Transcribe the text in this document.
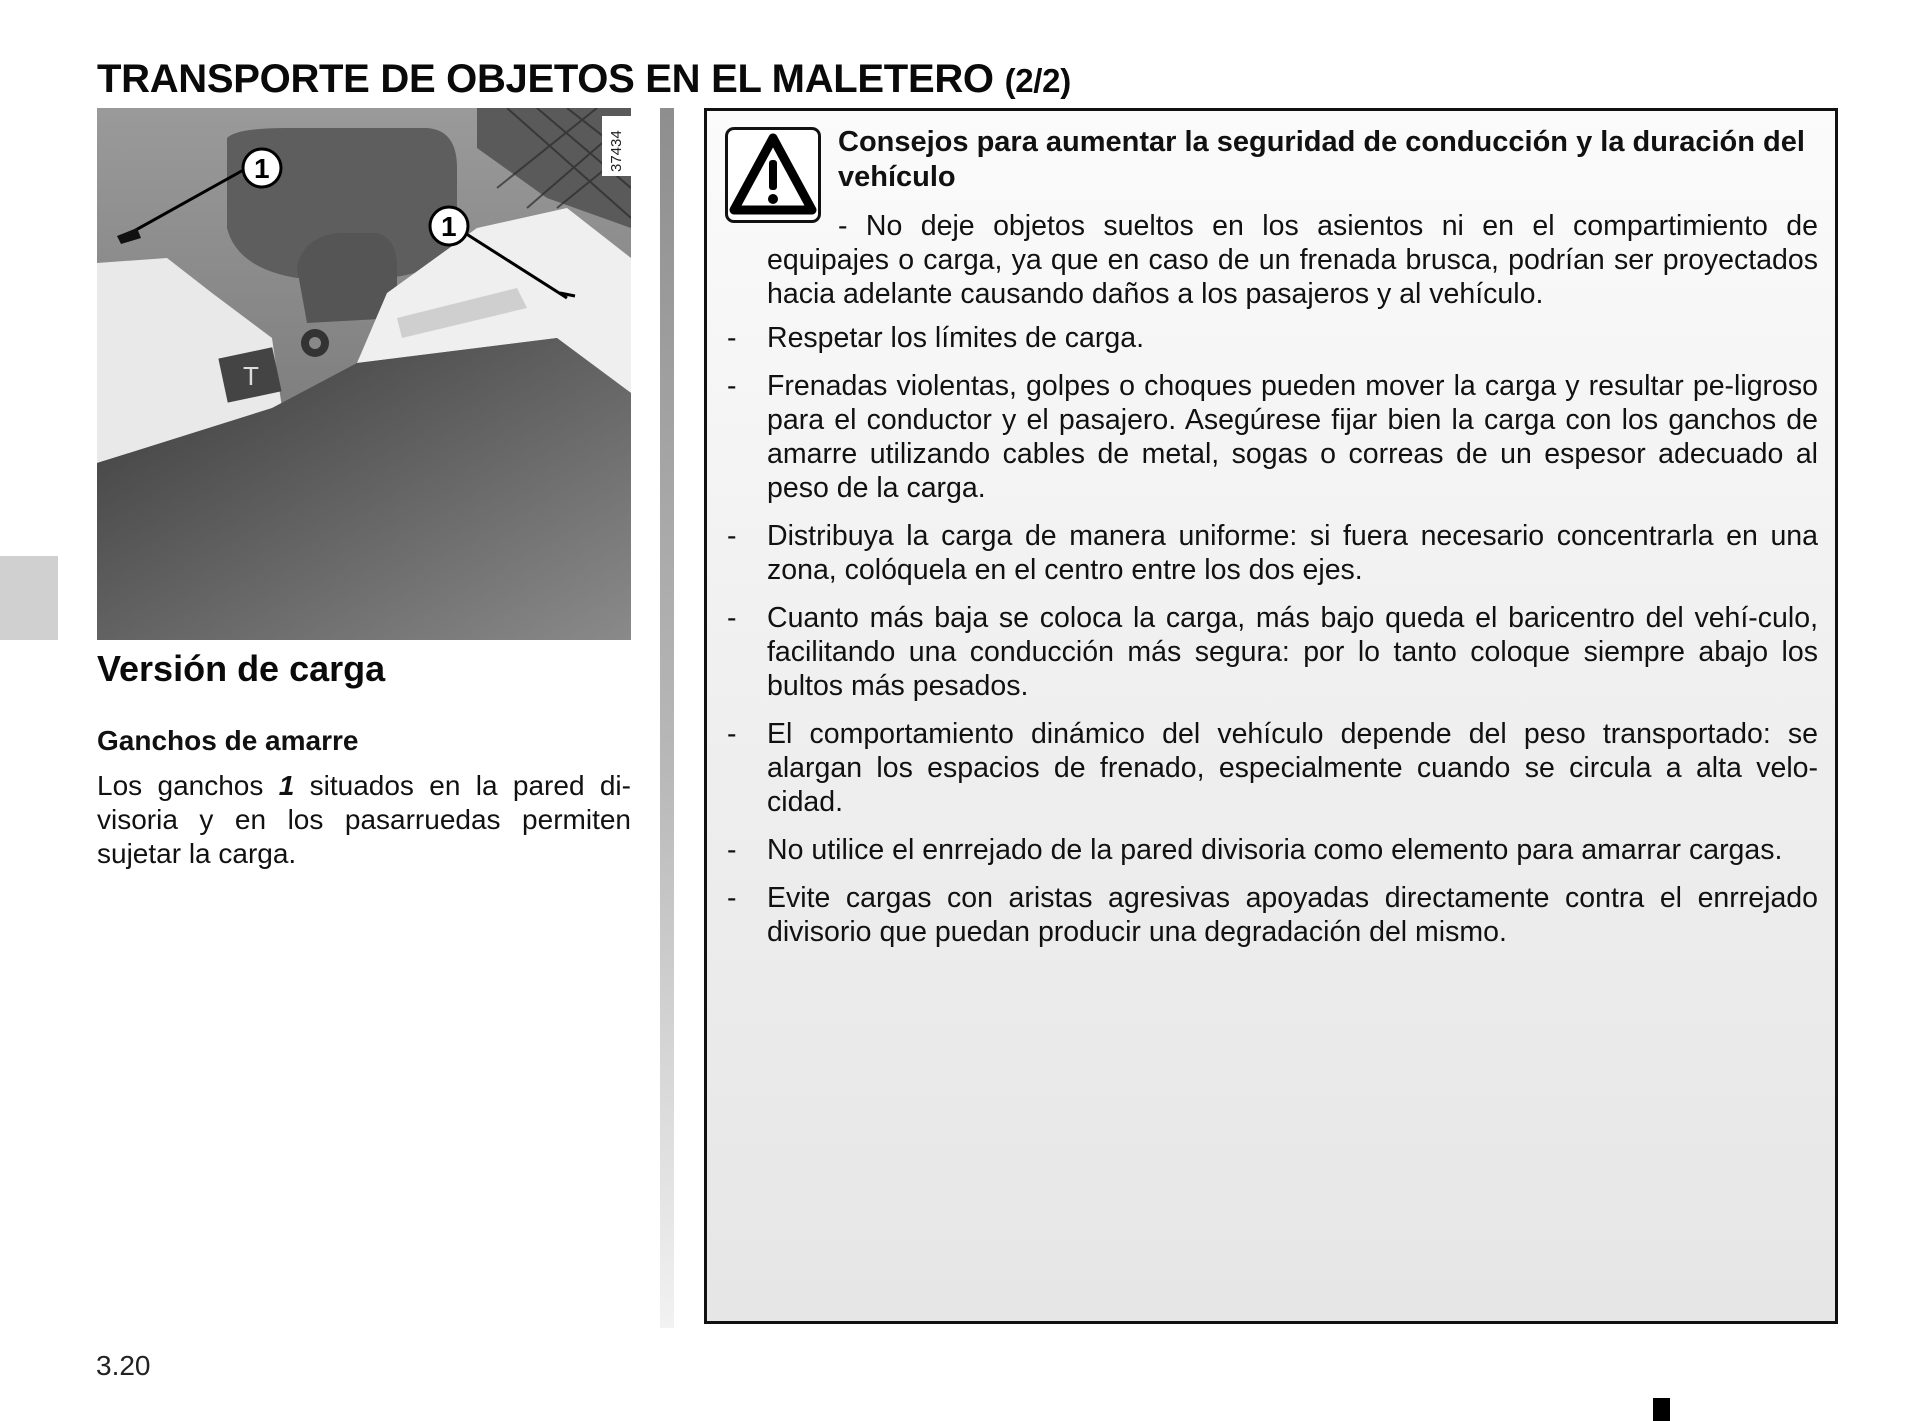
TRANSPORTE DE OBJETOS EN EL MALETERO (2/2)
T
37434
1
1
Versión de carga
Ganchos de amarre

Los ganchos 1 situados en la pared di-visoria y en los pasarruedas permiten sujetar la carga.

Consejos para aumentar la seguridad de conducción y la duración del vehículo

- No deje objetos sueltos en los asientos ni en el compartimiento de equipajes o carga, ya que en caso de un frenada brusca, podrían ser proyectados hacia adelante causando daños a los pasajeros y al vehículo.

- Respetar los límites de carga.
- Frenadas violentas, golpes o choques pueden mover la carga y resultar pe-ligroso para el conductor y el pasajero. Asegúrese fijar bien la carga con los ganchos de amarre utilizando cables de metal, sogas o correas de un espesor adecuado al peso de la carga.
- Distribuya la carga de manera uniforme: si fuera necesario concentrarla en una zona, colóquela en el centro entre los dos ejes.
- Cuanto más baja se coloca la carga, más bajo queda el baricentro del vehí-culo, facilitando una conducción más segura: por lo tanto coloque siempre abajo los bultos más pesados.
- El comportamiento dinámico del vehículo depende del peso transportado: se alargan los espacios de frenado, especialmente cuando se circula a alta velo-cidad.
- No utilice el enrrejado de la pared divisoria como elemento para amarrar cargas.
- Evite cargas con aristas agresivas apoyadas directamente contra el enrrejado divisorio que puedan producir una degradación del mismo.
3.20
